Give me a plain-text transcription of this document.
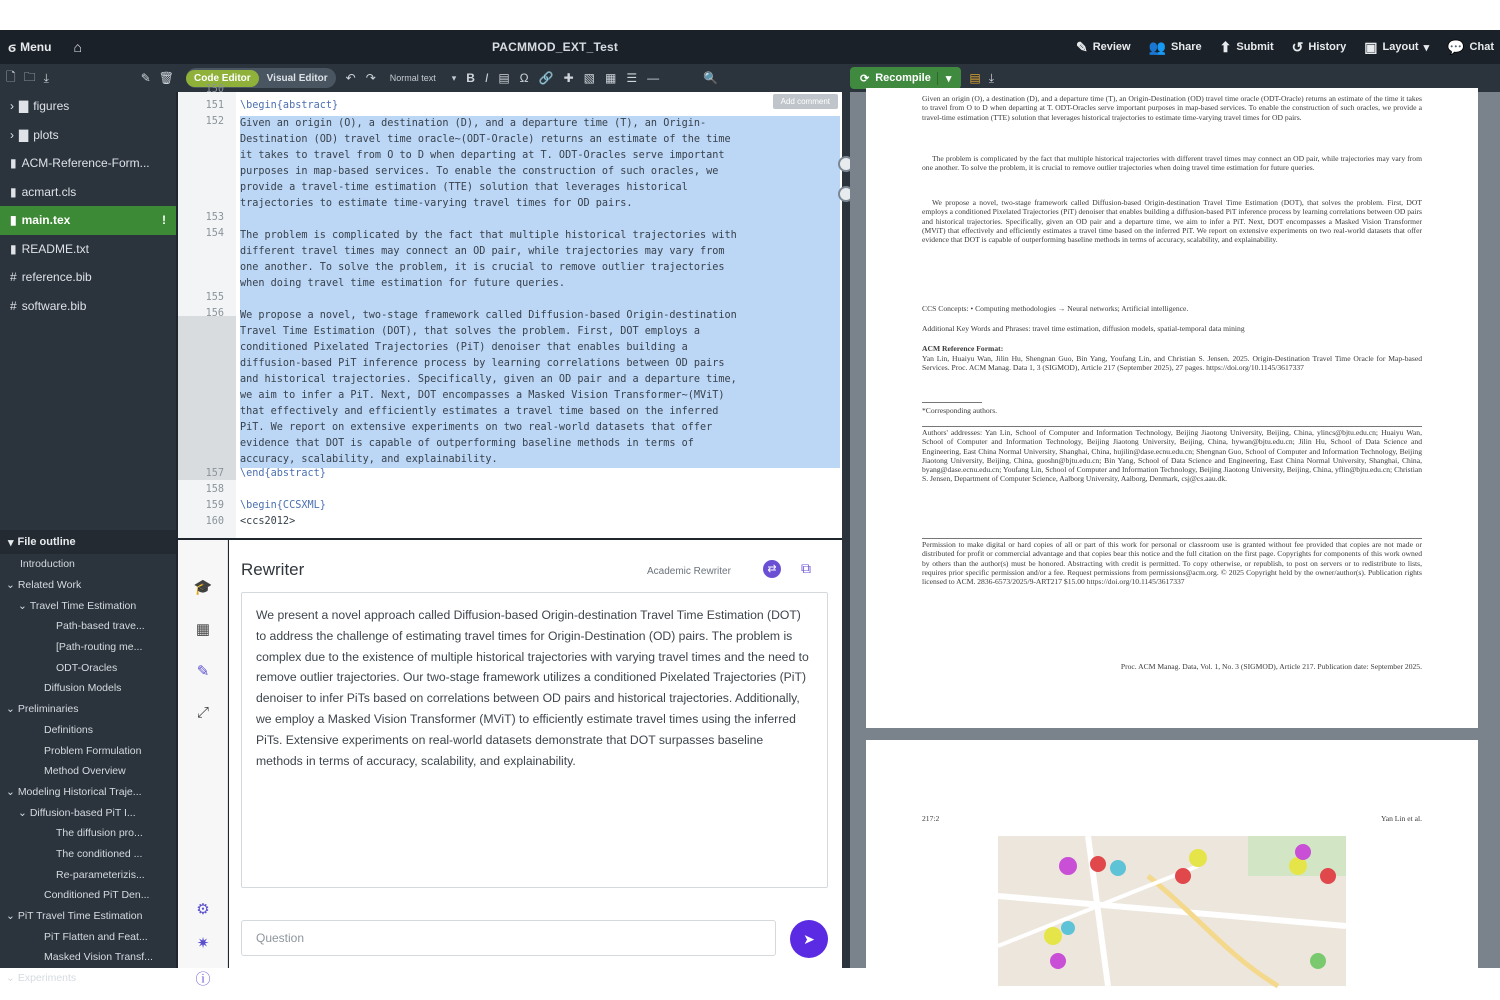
ϭ Menu ⌂	PACMMOD_EXT_Test	✎ Review 👥 Share ⬆ Submit ↺ History ▣ Layout ▾ 💬 Chat
🗋 🗀 ⤓	✎ 🗑	Code Editor	Visual Editor	↶ ↷ Normal text ▾ B I ▤ Ω 🔗 ✚ ▧ ▦ ☰ —	🔍	⟳ Recompile	▾ ▤ ⤓
› ▇ figures
› ▇ plots
▮ ACM-Reference-Form...
▮ acmart.cls
▮ main.tex	!
▮ README.txt
# reference.bib
# software.bib
▾ File outline
Introduction
⌄ Related Work
⌄ Travel Time Estimation
Path-based trave...
[Path-routing me...
ODT-Oracles
Diffusion Models
⌄ Preliminaries
Definitions
Problem Formulation
Method Overview
⌄ Modeling Historical Traje...
⌄ Diffusion-based PiT I...
The diffusion pro...
The conditioned ...
Re-parameterizis...
Conditioned PiT Den...
⌄ PiT Travel Time Estimation
PiT Flatten and Feat...
Masked Vision Transf...
⌄ Experiments
150
151	\begin{abstract}
152	Given an origin (O), a destination (D), and a departure time (T), an Origin-
Destination (OD) travel time oracle~(ODT-Oracle) returns an estimate of the time
it takes to travel from O to D when departing at T. ODT-Oracles serve important
purposes in map-based services. To enable the construction of such oracles, we
provide a travel-time estimation (TTE) solution that leverages historical
trajectories to estimate time-varying travel times for OD pairs.
153
154	The problem is complicated by the fact that multiple historical trajectories with
different travel times may connect an OD pair, while trajectories may vary from
one another. To solve the problem, it is crucial to remove outlier trajectories
when doing travel time estimation for future queries.
155
156	We propose a novel, two-stage framework called Diffusion-based Origin-destination
Travel Time Estimation (DOT), that solves the problem. First, DOT employs a
conditioned Pixelated Trajectories (PiT) denoiser that enables building a
diffusion-based PiT inference process by learning correlations between OD pairs
and historical trajectories. Specifically, given an OD pair and a departure time,
we aim to infer a PiT. Next, DOT encompasses a Masked Vision Transformer~(MViT)
that effectively and efficiently estimates a travel time based on the inferred
PiT. We report on extensive experiments on two real-world datasets that offer
evidence that DOT is capable of outperforming baseline methods in terms of
accuracy, scalability, and explainability.
157	\end{abstract}
158
159	\begin{CCSXML}
160	<ccs2012>
Add comment
🎓
▦
✎
⤢
⚙
✷
ⓘ
Rewriter	Academic Rewriter	⇄	⧉
We present a novel approach called Diffusion-based Origin-destination Travel Time Estimation (DOT) to address the challenge of estimating travel times for Origin-Destination (OD) pairs. The problem is complex due to the existence of multiple historical trajectories with varying travel times and the need to remove outlier trajectories. Our two-stage framework utilizes a conditioned Pixelated Trajectories (PiT) denoiser to infer PiTs based on correlations between OD pairs and historical trajectories. Additionally, we employ a Masked Vision Transformer (MViT) to efficiently estimate travel times using the inferred PiTs. Extensive experiments on real-world datasets demonstrate that DOT surpasses baseline methods in terms of accuracy, scalability, and explainability.
Question	➤
Given an origin (O), a destination (D), and a departure time (T), an Origin-Destination (OD) travel time oracle (ODT-Oracle) returns an estimate of the time it takes to travel from O to D when departing at T. ODT-Oracles serve important purposes in map-based services. To enable the construction of such oracles, we provide a travel-time estimation (TTE) solution that leverages historical trajectories to estimate time-varying travel times for OD pairs.
The problem is complicated by the fact that multiple historical trajectories with different travel times may connect an OD pair, while trajectories may vary from one another. To solve the problem, it is crucial to remove outlier trajectories when doing travel time estimation for future queries.
We propose a novel, two-stage framework called Diffusion-based Origin-destination Travel Time Estimation (DOT), that solves the problem. First, DOT employs a conditioned Pixelated Trajectories (PiT) denoiser that enables building a diffusion-based PiT inference process by learning correlations between OD pairs and historical trajectories. Specifically, given an OD pair and a departure time, we aim to infer a PiT. Next, DOT encompasses a Masked Vision Transformer (MViT) that effectively and efficiently estimates a travel time based on the inferred PiT. We report on extensive experiments on two real-world datasets that offer evidence that DOT is capable of outperforming baseline methods in terms of accuracy, scalability, and explainability.
CCS Concepts: • Computing methodologies → Neural networks; Artificial intelligence.
Additional Key Words and Phrases: travel time estimation, diffusion models, spatial-temporal data mining
ACM Reference Format:
Yan Lin, Huaiyu Wan, Jilin Hu, Shengnan Guo, Bin Yang, Youfang Lin, and Christian S. Jensen. 2025. Origin-Destination Travel Time Oracle for Map-based Services. Proc. ACM Manag. Data 1, 3 (SIGMOD), Article 217 (September 2025), 27 pages. https://doi.org/10.1145/3617337
*Corresponding authors.
Authors' addresses: Yan Lin, School of Computer and Information Technology, Beijing Jiaotong University, Beijing, China, ylincs@bjtu.edu.cn; Huaiyu Wan, School of Computer and Information Technology, Beijing Jiaotong University, Beijing, China, hywan@bjtu.edu.cn; Jilin Hu, School of Data Science and Engineering, East China Normal University, Shanghai, China, hujilin@dase.ecnu.edu.cn; Shengnan Guo, School of Computer and Information Technology, Beijing Jiaotong University, Beijing, China, guoshn@bjtu.edu.cn; Bin Yang, School of Data Science and Engineering, East China Normal University, Shanghai, China, byang@dase.ecnu.edu.cn; Youfang Lin, School of Computer and Information Technology, Beijing Jiaotong University, Beijing, China, yflin@bjtu.edu.cn; Christian S. Jensen, Department of Computer Science, Aalborg University, Aalborg, Denmark, csj@cs.aau.dk.
Permission to make digital or hard copies of all or part of this work for personal or classroom use is granted without fee provided that copies are not made or distributed for profit or commercial advantage and that copies bear this notice and the full citation on the first page. Copyrights for components of this work owned by others than the author(s) must be honored. Abstracting with credit is permitted. To copy otherwise, or republish, to post on servers or to redistribute to lists, requires prior specific permission and/or a fee. Request permissions from permissions@acm.org. © 2025 Copyright held by the owner/author(s). Publication rights licensed to ACM. 2836-6573/2025/9-ART217 $15.00 https://doi.org/10.1145/3617337
Proc. ACM Manag. Data, Vol. 1, No. 3 (SIGMOD), Article 217. Publication date: September 2025.
217:2	Yan Lin et al.
